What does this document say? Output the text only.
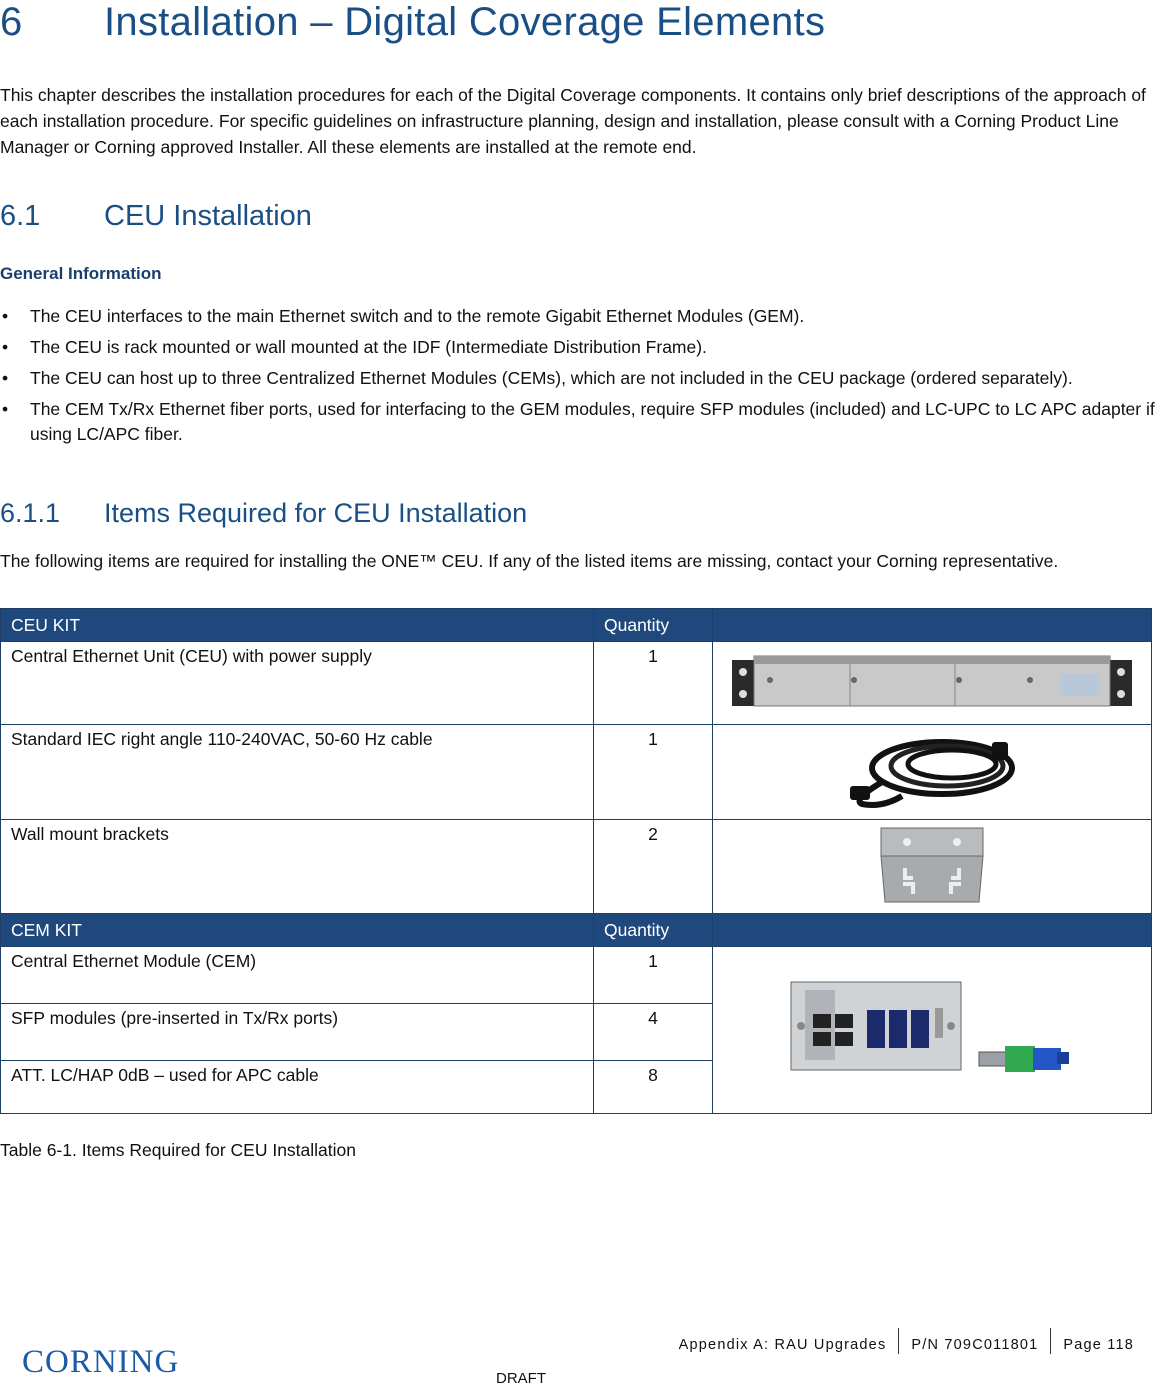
6 Installation – Digital Coverage Elements

This chapter describes the installation procedures for each of the Digital Coverage components. It contains only brief descriptions of the approach of each installation procedure. For specific guidelines on infrastructure planning, design and installation, please consult with a Corning Product Line Manager or Corning approved Installer. All these elements are installed at the remote end.

6.1 CEU Installation
General Information
• The CEU interfaces to the main Ethernet switch and to the remote Gigabit Ethernet Modules (GEM).
• The CEU is rack mounted or wall mounted at the IDF (Intermediate Distribution Frame).
• The CEU can host up to three Centralized Ethernet Modules (CEMs), which are not included in the CEU package (ordered separately).
• The CEM Tx/Rx Ethernet fiber ports, used for interfacing to the GEM modules, require SFP modules (included) and LC-UPC to LC APC adapter if using LC/APC fiber.
6.1.1 Items Required for CEU Installation

The following items are required for installing the ONE™ CEU. If any of the listed items are missing, contact your Corning representative.

CEU KIT	Quantity	
Central Ethernet Unit (CEU) with power supply	1	
Standard IEC right angle 110-240VAC, 50-60 Hz cable	1	
Wall mount brackets	2	
CEM KIT	Quantity	
Central Ethernet Module (CEM)	1	
SFP modules (pre-inserted in Tx/Rx ports)	4	
ATT. LC/HAP 0dB – used for APC cable	8	

Table 6-1. Items Required for CEU Installation

CORNING	Appendix A: RAU Upgrades P/N 709C011801 Page 118
DRAFT
